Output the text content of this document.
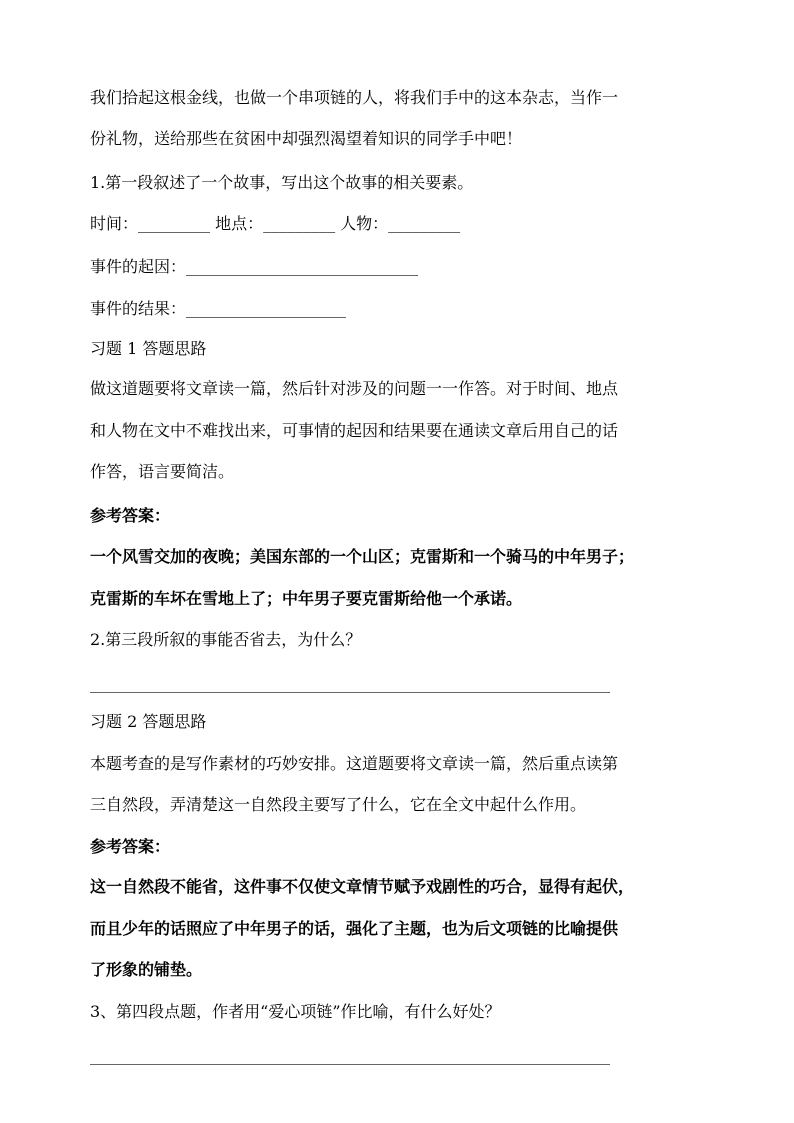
我们拾起这根金线，也做一个串项链的人，将我们手中的这本杂志，当作一
份礼物，送给那些在贫困中却强烈渴望着知识的同学手中吧！
1.第一段叙述了一个故事，写出这个故事的相关要素。
时间：_________ 地点：_________ 人物：_________
事件的起因：_____________________________
事件的结果：____________________
习题 1 答题思路
做这道题要将文章读一篇，然后针对涉及的问题一一作答。对于时间、地点
和人物在文中不难找出来，可事情的起因和结果要在通读文章后用自己的话
作答，语言要简洁。
参考答案：
一个风雪交加的夜晚；美国东部的一个山区；克雷斯和一个骑马的中年男子；
克雷斯的车坏在雪地上了；中年男子要克雷斯给他一个承诺。
2.第三段所叙的事能否省去，为什么？
_________________________________________________________________
习题 2 答题思路
本题考查的是写作素材的巧妙安排。这道题要将文章读一篇，然后重点读第
三自然段，弄清楚这一自然段主要写了什么，它在全文中起什么作用。
参考答案：
这一自然段不能省，这件事不仅使文章情节赋予戏剧性的巧合，显得有起伏，
而且少年的话照应了中年男子的话，强化了主题，也为后文项链的比喻提供
了形象的铺垫。
3、第四段点题，作者用“爱心项链”作比喻，有什么好处？
_________________________________________________________________
